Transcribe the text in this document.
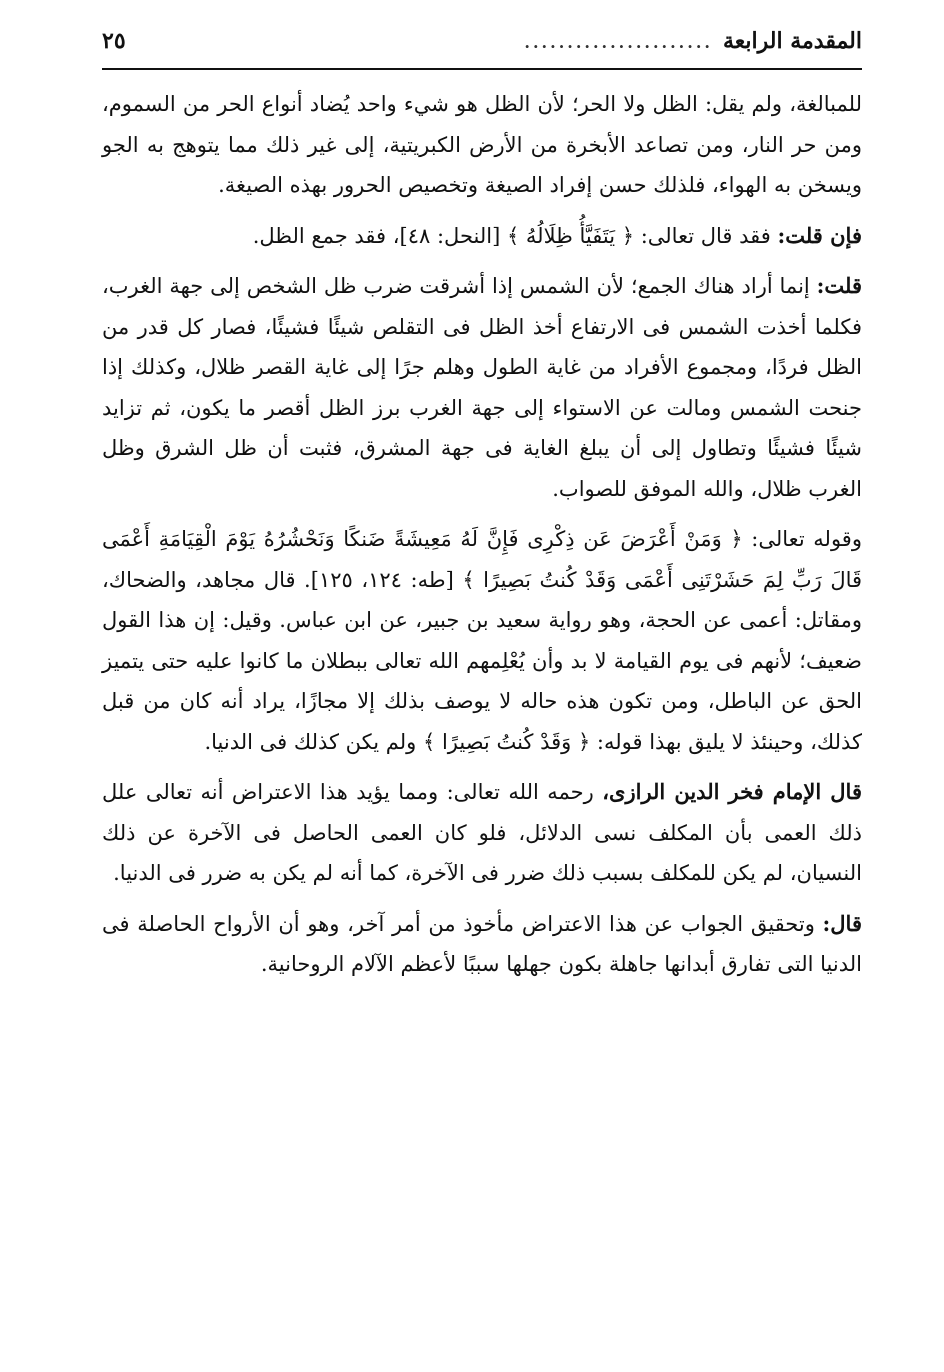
المقدمة الرابعة
......................
٢٥

للمبالغة، ولم يقل: الظل ولا الحر؛ لأن الظل هو شيء واحد يُضاد أنواع الحر من السموم، ومن حر النار، ومن تصاعد الأبخرة من الأرض الكبريتية، إلى غير ذلك مما يتوهج به الجو ويسخن به الهواء، فلذلك حسن إفراد الصيغة وتخصيص الحرور بهذه الصيغة.

فإن قلت: فقد قال تعالى: ﴿ يَتَفَيَّأُ ظِلَالُهُ ﴾ [النحل: ٤٨]، فقد جمع الظل.

قلت: إنما أراد هناك الجمع؛ لأن الشمس إذا أشرقت ضرب ظل الشخص إلى جهة الغرب، فكلما أخذت الشمس فى الارتفاع أخذ الظل فى التقلص شيئًا فشيئًا، فصار كل قدر من الظل فردًا، ومجموع الأفراد من غاية الطول وهلم جرًا إلى غاية القصر ظلال، وكذلك إذا جنحت الشمس ومالت عن الاستواء إلى جهة الغرب برز الظل أقصر ما يكون، ثم تزايد شيئًا فشيئًا وتطاول إلى أن يبلغ الغاية فى جهة المشرق، فثبت أن ظل الشرق وظل الغرب ظلال، والله الموفق للصواب.

وقوله تعالى: ﴿ وَمَنْ أَعْرَضَ عَن ذِكْرِى فَإِنَّ لَهُ مَعِيشَةً ضَنكًا وَنَحْشُرُهُ يَوْمَ الْقِيَامَةِ أَعْمَى قَالَ رَبِّ لِمَ حَشَرْتَنِى أَعْمَى وَقَدْ كُنتُ بَصِيرًا ﴾ [طه: ١٢٤، ١٢٥]. قال مجاهد، والضحاك، ومقاتل: أعمى عن الحجة، وهو رواية سعيد بن جبير، عن ابن عباس. وقيل: إن هذا القول ضعيف؛ لأنهم فى يوم القيامة لا بد وأن يُعْلِمهم الله تعالى ببطلان ما كانوا عليه حتى يتميز الحق عن الباطل، ومن تكون هذه حاله لا يوصف بذلك إلا مجازًا، يراد أنه كان من قبل كذلك، وحينئذ لا يليق بهذا قوله: ﴿ وَقَدْ كُنتُ بَصِيرًا ﴾ ولم يكن كذلك فى الدنيا.

قال الإمام فخر الدين الرازى، رحمه الله تعالى: ومما يؤيد هذا الاعتراض أنه تعالى علل ذلك العمى بأن المكلف نسى الدلائل، فلو كان العمى الحاصل فى الآخرة عن ذلك النسيان، لم يكن للمكلف بسبب ذلك ضرر فى الآخرة، كما أنه لم يكن به ضرر فى الدنيا.

قال: وتحقيق الجواب عن هذا الاعتراض مأخوذ من أمر آخر، وهو أن الأرواح الحاصلة فى الدنيا التى تفارق أبدانها جاهلة بكون جهلها سببًا لأعظم الآلام الروحانية.
